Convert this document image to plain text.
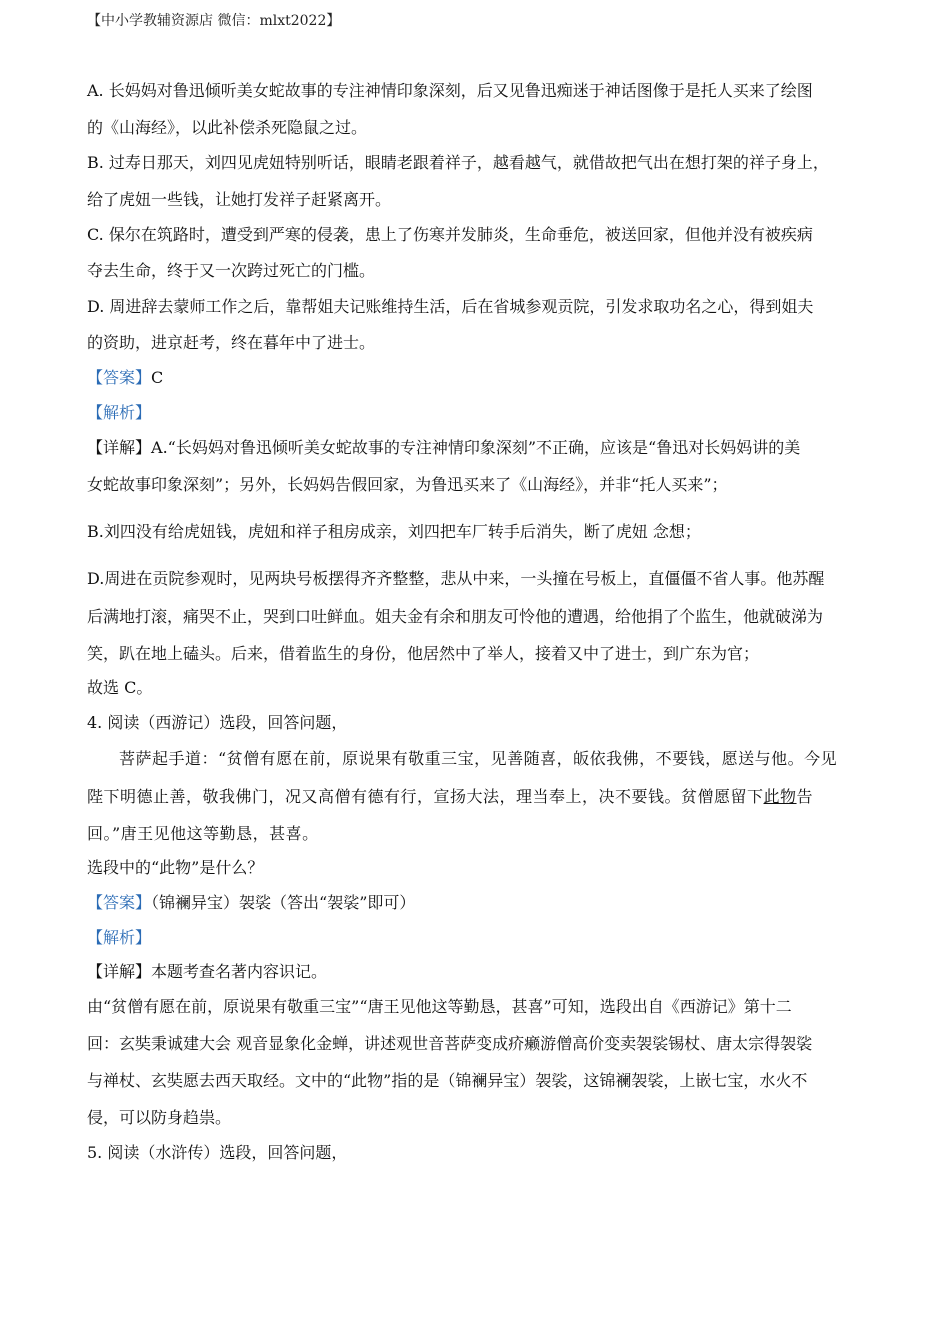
【中小学教辅资源店 微信：mlxt2022】
A. 长妈妈对鲁迅倾听美女蛇故事的专注神情印象深刻，后又见鲁迅痴迷于神话图像于是托人买来了绘图
的《山海经》，以此补偿杀死隐鼠之过。
B. 过寿日那天，刘四见虎妞特别听话，眼睛老跟着祥子，越看越气，就借故把气出在想打架的祥子身上，
给了虎妞一些钱，让她打发祥子赶紧离开。
C. 保尔在筑路时，遭受到严寒的侵袭，患上了伤寒并发肺炎，生命垂危，被送回家，但他并没有被疾病
夺去生命，终于又一次跨过死亡的门槛。
D. 周进辞去蒙师工作之后，靠帮姐夫记账维持生活，后在省城参观贡院，引发求取功名之心，得到姐夫
的资助，进京赶考，终在暮年中了进士。
【答案】C
【解析】
【详解】A.“长妈妈对鲁迅倾听美女蛇故事的专注神情印象深刻”不正确，应该是“鲁迅对长妈妈讲的美
女蛇故事印象深刻”；另外，长妈妈告假回家，为鲁迅买来了《山海经》，并非“托人买来”；
B.刘四没有给虎妞钱，虎妞和祥子租房成亲，刘四把车厂转手后消失，断了虎妞 念想；
D.周进在贡院参观时，见两块号板摆得齐齐整整，悲从中来，一头撞在号板上，直僵僵不省人事。他苏醒
后满地打滚，痛哭不止，哭到口吐鲜血。姐夫金有余和朋友可怜他的遭遇，给他捐了个监生，他就破涕为
笑，趴在地上磕头。后来，借着监生的身份，他居然中了举人，接着又中了进士，到广东为官；
故选 C。
4. 阅读（西游记）选段，回答问题，
菩萨起手道：“贫僧有愿在前，原说果有敬重三宝，见善随喜，皈依我佛，不要钱，愿送与他。今见
陛下明德止善，敬我佛门，况又高僧有德有行，宣扬大法，理当奉上，决不要钱。贫僧愿留下此物告
回。”唐王见他这等勤恳，甚喜。
选段中的“此物”是什么？
【答案】（锦襕异宝）袈裟（答出“袈裟”即可）
【解析】
【详解】本题考查名著内容识记。
由“贫僧有愿在前，原说果有敬重三宝”“唐王见他这等勤恳，甚喜”可知，选段出自《西游记》第十二
回：玄奘秉诚建大会 观音显象化金蝉，讲述观世音菩萨变成疥癞游僧高价变卖袈裟锡杖、唐太宗得袈裟
与禅杖、玄奘愿去西天取经。文中的“此物”指的是（锦襕异宝）袈裟，这锦襕袈裟，上嵌七宝，水火不
侵，可以防身趋祟。
5. 阅读（水浒传）选段，回答问题，
